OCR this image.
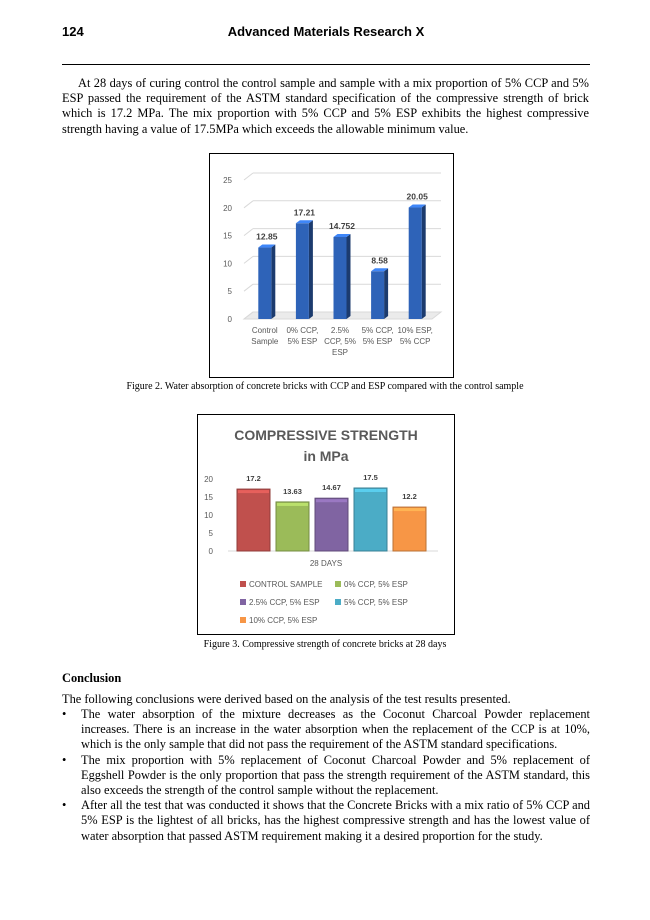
124	Advanced Materials Research X

At 28 days of curing control the control sample and sample with a mix proportion of 5% CCP and 5% ESP passed the requirement of the ASTM standard specification of the compressive strength of brick which is 17.2 MPa. The mix proportion with 5% CCP and 5% ESP exhibits the highest compressive strength having a value of 17.5MPa which exceeds the allowable minimum value.

0
5
10
15
20
25
12.85
Control
Sample
17.21
0% CCP,
5% ESP
14.752
2.5%
CCP, 5%
ESP
8.58
5% CCP,
5% ESP
20.05
10% ESP,
5% CCP
Figure 2. Water absorption of concrete bricks with CCP and ESP compared with the control sample
COMPRESSIVE STRENGTH
in MPa
0
5
10
15
20	17.2
13.63	14.67
17.5
12.2
28 DAYS
CONTROL SAMPLE	0% CCP, 5% ESP
2.5% CCP, 5% ESP	5% CCP, 5% ESP
10% CCP, 5% ESP
Figure 3. Compressive strength of concrete bricks at 28 days
Conclusion

The following conclusions were derived based on the analysis of the test results presented.

• The water absorption of the mixture decreases as the Coconut Charcoal Powder replacement increases. There is an increase in the water absorption when the replacement of the CCP is at 10%, which is the only sample that did not pass the requirement of the ASTM standard specifications.
• The mix proportion with 5% replacement of Coconut Charcoal Powder and 5% replacement of Eggshell Powder is the only proportion that pass the strength requirement of the ASTM standard, this also exceeds the strength of the control sample without the replacement.
• After all the test that was conducted it shows that the Concrete Bricks with a mix ratio of 5% CCP and 5% ESP is the lightest of all bricks, has the highest compressive strength and has the lowest value of water absorption that passed ASTM requirement making it a desired proportion for the study.
